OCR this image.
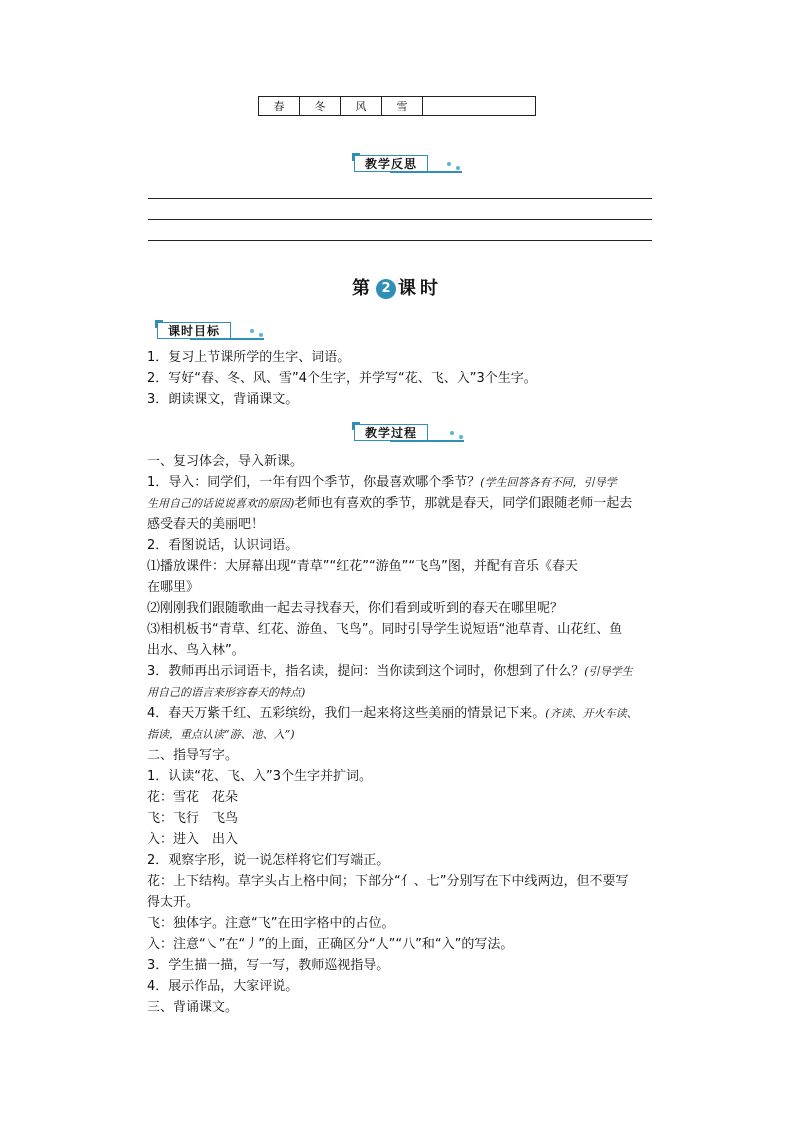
春	冬	风	雪
教学反思
第 2 课时
课时目标
1．复习上节课所学的生字、词语。
2．写好“春、冬、风、雪”4个生字，并学写“花、飞、入”3个生字。
3．朗读课文，背诵课文。
教学过程
一、复习体会，导入新课。
1．导入：同学们，一年有四个季节，你最喜欢哪个季节？(学生回答各有不同，引导学
生用自己的话说说喜欢的原因)老师也有喜欢的季节，那就是春天，同学们跟随老师一起去
感受春天的美丽吧！
2．看图说话，认识词语。
⑴播放课件：大屏幕出现“青草”“红花”“游鱼”“飞鸟”图，并配有音乐《春天
在哪里》
⑵刚刚我们跟随歌曲一起去寻找春天，你们看到或听到的春天在哪里呢？
⑶相机板书“青草、红花、游鱼、飞鸟”。同时引导学生说短语“池草青、山花红、鱼
出水、鸟入林”。
3．教师再出示词语卡，指名读，提问：当你读到这个词时，你想到了什么？(引导学生
用自己的语言来形容春天的特点)
4．春天万紫千红、五彩缤纷，我们一起来将这些美丽的情景记下来。(齐读、开火车读、
指读，重点认读“游、池、入”)
二、指导写字。
1．认读“花、飞、入”3个生字并扩词。
花：雪花　花朵
飞：飞行　飞鸟
入：进入　出入
2．观察字形，说一说怎样将它们写端正。
花：上下结构。草字头占上格中间；下部分“亻、七”分别写在下中线两边，但不要写
得太开。
飞：独体字。注意“飞”在田字格中的占位。
入：注意“㇏”在“丿”的上面，正确区分“人”“八”和“入”的写法。
3．学生描一描，写一写，教师巡视指导。
4．展示作品，大家评说。
三、背诵课文。
